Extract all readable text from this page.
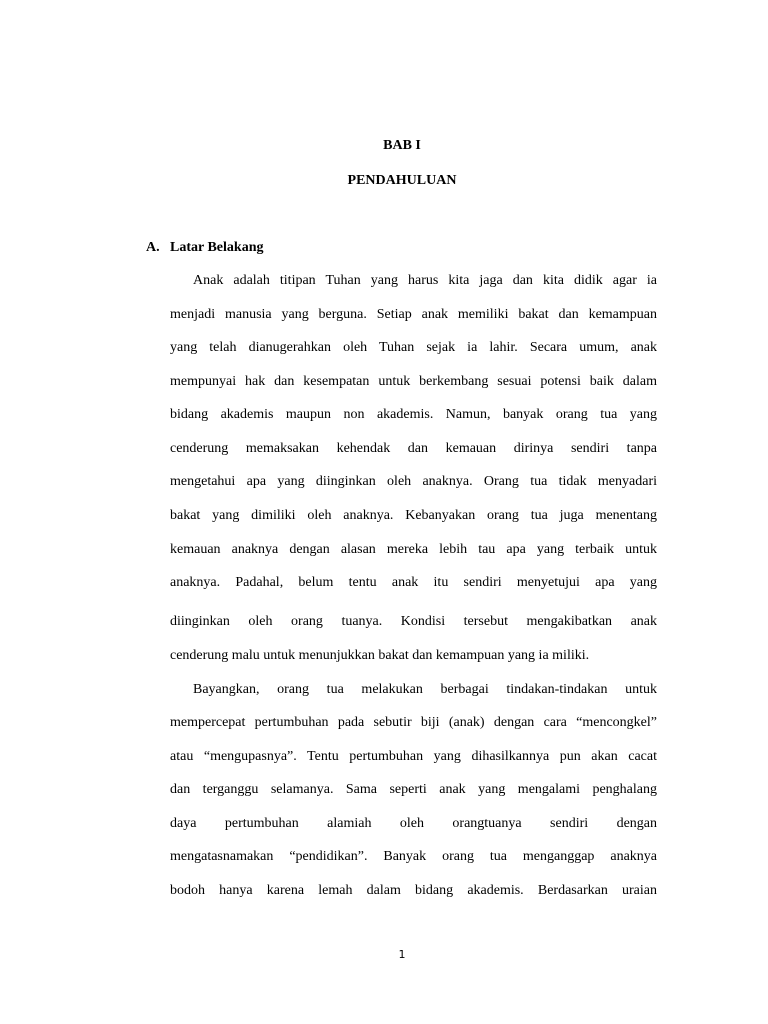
BAB I
PENDAHULUAN
A. Latar Belakang
Anak adalah titipan Tuhan yang harus kita jaga dan kita didik agar ia
menjadi manusia yang berguna. Setiap anak memiliki bakat dan kemampuan
yang telah dianugerahkan oleh Tuhan sejak ia lahir. Secara umum, anak
mempunyai hak dan kesempatan untuk berkembang sesuai potensi baik dalam
bidang akademis maupun non akademis. Namun, banyak orang tua yang
cenderung memaksakan kehendak dan kemauan dirinya sendiri tanpa
mengetahui apa yang diinginkan oleh anaknya. Orang tua tidak menyadari
bakat yang dimiliki oleh anaknya. Kebanyakan orang tua juga menentang
kemauan anaknya dengan alasan mereka lebih tau apa yang terbaik untuk
anaknya. Padahal, belum tentu anak itu sendiri menyetujui apa yang
diinginkan oleh orang tuanya. Kondisi tersebut mengakibatkan anak
cenderung malu untuk menunjukkan bakat dan kemampuan yang ia miliki.
Bayangkan, orang tua melakukan berbagai tindakan-tindakan untuk
mempercepat pertumbuhan pada sebutir biji (anak) dengan cara “mencongkel”
atau “mengupasnya”. Tentu pertumbuhan yang dihasilkannya pun akan cacat
dan terganggu selamanya. Sama seperti anak yang mengalami penghalang
daya pertumbuhan alamiah oleh orangtuanya sendiri dengan
mengatasnamakan “pendidikan”. Banyak orang tua menganggap anaknya
bodoh hanya karena lemah dalam bidang akademis. Berdasarkan uraian
1
